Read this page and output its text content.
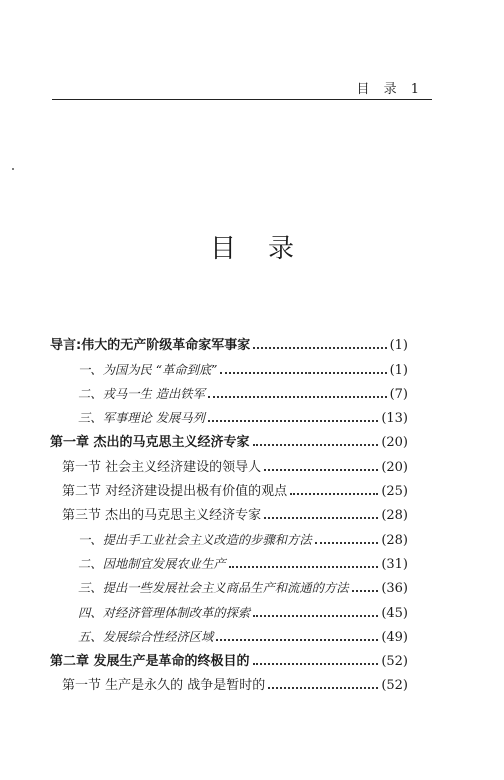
目 录 1
目录
导言:伟大的无产阶级革命家军事家	(1)
一、为国为民 “革命到底”	(1)
二、戎马一生 造出铁军	(7)
三、军事理论 发展马列	(13)
第一章 杰出的马克思主义经济专家	(20)
第一节 社会主义经济建设的领导人	(20)
第二节 对经济建设提出极有价值的观点	(25)
第三节 杰出的马克思主义经济专家	(28)
一、提出手工业社会主义改造的步骤和方法	(28)
二、因地制宜发展农业生产	(31)
三、提出一些发展社会主义商品生产和流通的方法	(36)
四、对经济管理体制改革的探索	(45)
五、发展综合性经济区域	(49)
第二章 发展生产是革命的终极目的	(52)
第一节 生产是永久的 战争是暂时的	(52)
